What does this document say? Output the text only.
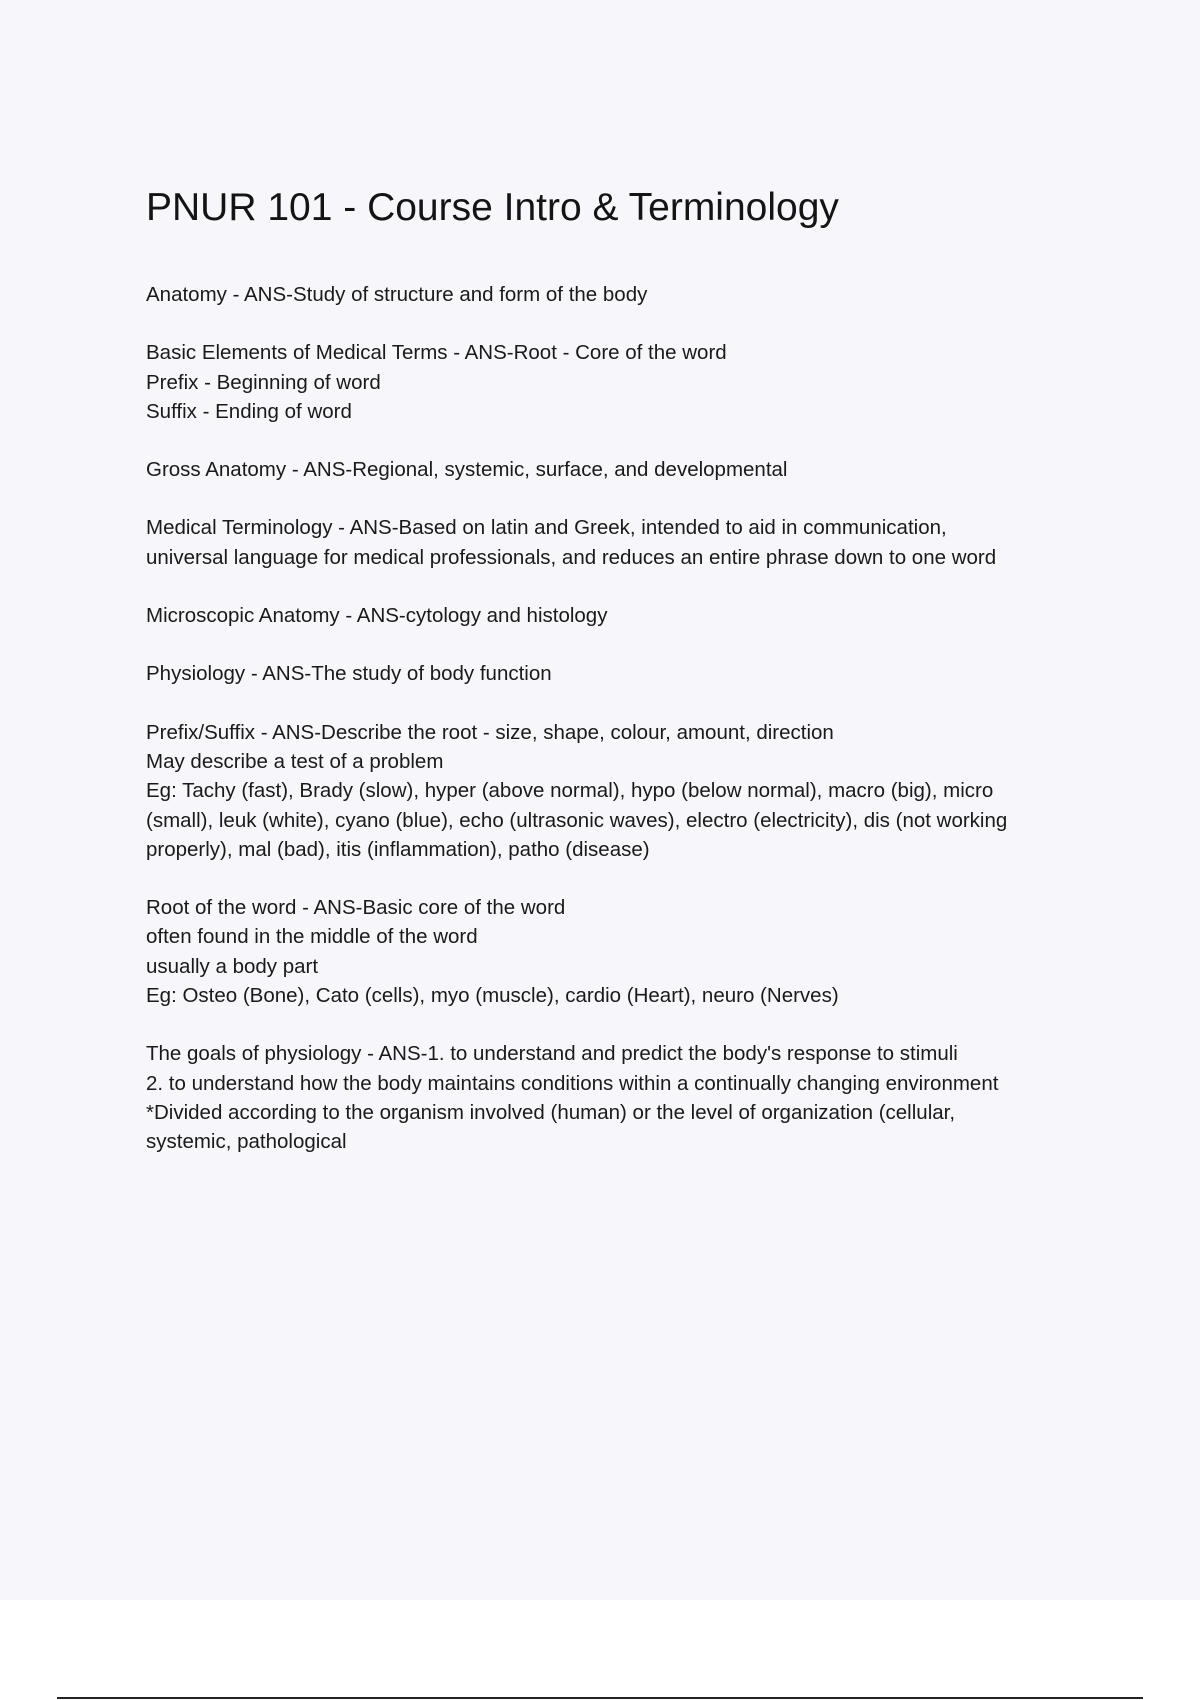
PNUR 101 - Course Intro & Terminology
Anatomy - ANS-Study of structure and form of the body
Basic Elements of Medical Terms - ANS-Root - Core of the word
Prefix - Beginning of word
Suffix - Ending of word
Gross Anatomy - ANS-Regional, systemic, surface, and developmental
Medical Terminology - ANS-Based on latin and Greek, intended to aid in communication,
universal language for medical professionals, and reduces an entire phrase down to one word
Microscopic Anatomy - ANS-cytology and histology
Physiology - ANS-The study of body function
Prefix/Suffix - ANS-Describe the root - size, shape, colour, amount, direction
May describe a test of a problem
Eg: Tachy (fast), Brady (slow), hyper (above normal), hypo (below normal), macro (big), micro
(small), leuk (white), cyano (blue), echo (ultrasonic waves), electro (electricity), dis (not working
properly), mal (bad), itis (inflammation), patho (disease)
Root of the word - ANS-Basic core of the word
often found in the middle of the word
usually a body part
Eg: Osteo (Bone), Cato (cells), myo (muscle), cardio (Heart), neuro (Nerves)
The goals of physiology - ANS-1. to understand and predict the body's response to stimuli
2. to understand how the body maintains conditions within a continually changing environment
*Divided according to the organism involved (human) or the level of organization (cellular,
systemic, pathological
